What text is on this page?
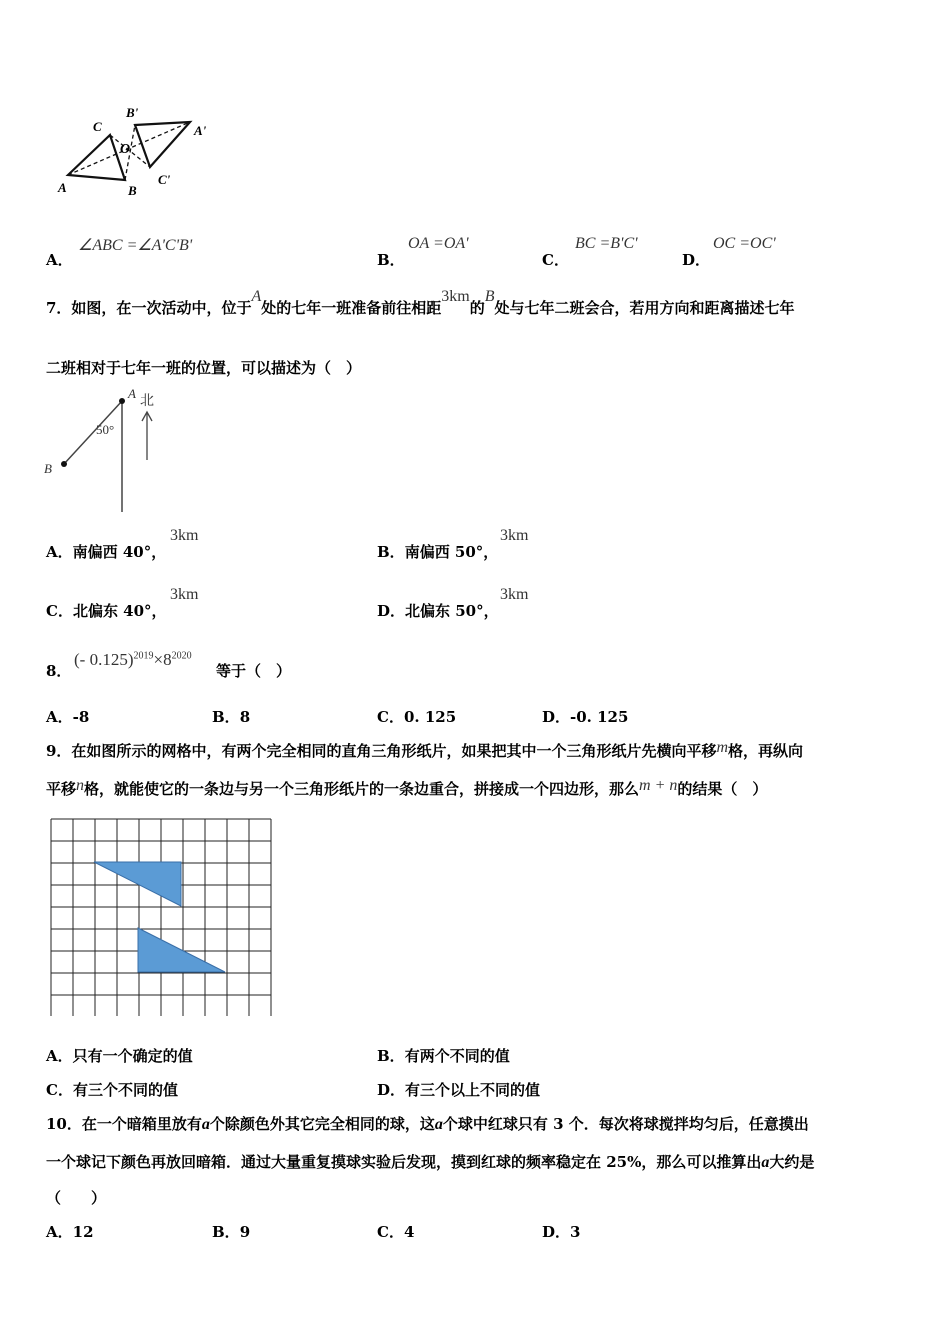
C
B'
A'
O
A	B
C'
A．
∠ABC =∠A'C'B'
B．
OA =OA'
C．
BC =B'C'
D．
OC =OC'
7．如图，在一次活动中，位于A处的七年一班准备前往相距3km的B处与七年二班会合，若用方向和距离描述七年
二班相对于七年一班的位置，可以描述为（　）
A
北
50°
B
A．南偏西 40°，
3km
B．南偏西 50°，
3km
C．北偏东 40°，
3km
D．北偏东 50°，
3km
8．
(- $0.125)^{2019}\times 8^{2020}$
等于（　）
A．-8	B．8	C．0. 125	D．-0. 125
9．在如图所示的网格中，有两个完全相同的直角三角形纸片，如果把其中一个三角形纸片先横向平移m格，再纵向
平移n格，就能使它的一条边与另一个三角形纸片的一条边重合，拼接成一个四边形，那么m + n的结果（　）
A．只有一个确定的值	B．有两个不同的值
C．有三个不同的值	D．有三个以上不同的值
10．在一个暗箱里放有a个除颜色外其它完全相同的球，这a个球中红球只有 3 个．每次将球搅拌均匀后，任意摸出
一个球记下颜色再放回暗箱．通过大量重复摸球实验后发现，摸到红球的频率稳定在 25%，那么可以推算出a大约是
（　　）
A．12	B．9	C．4	D．3
